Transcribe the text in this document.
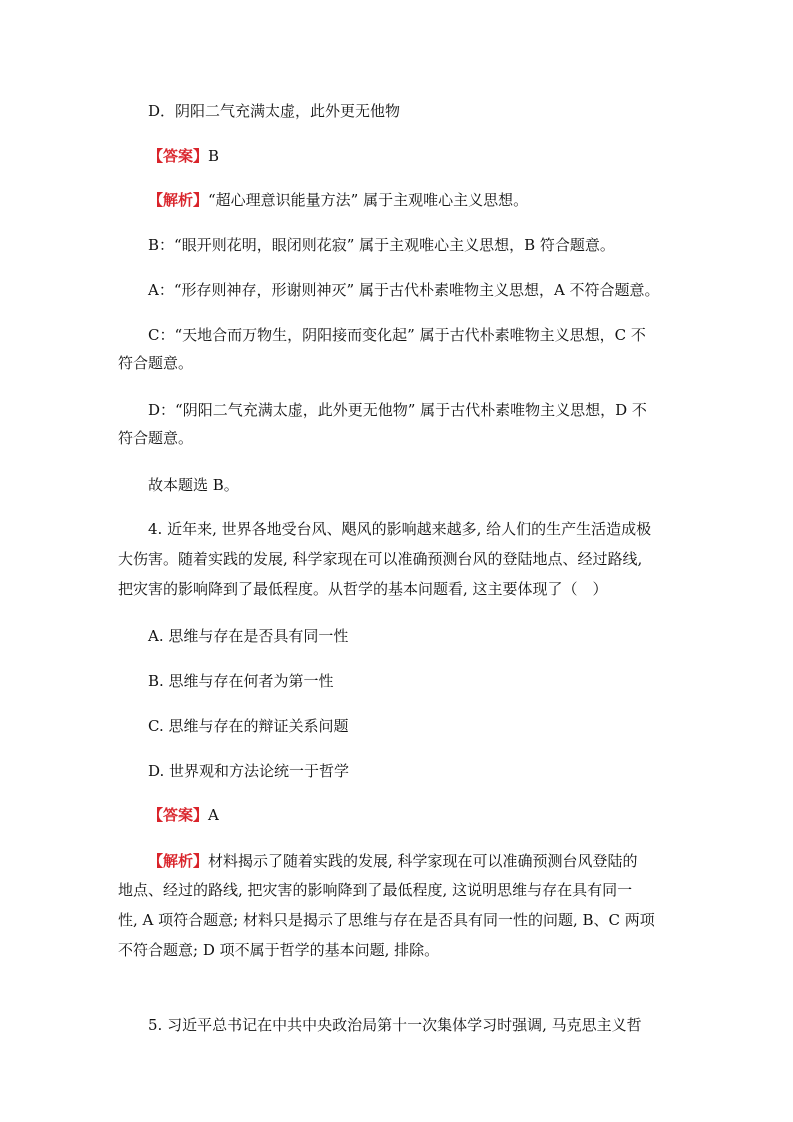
D．阴阳二气充满太虚，此外更无他物
【答案】B
【解析】“超心理意识能量方法” 属于主观唯心主义思想。
B：“眼开则花明，眼闭则花寂” 属于主观唯心主义思想，B 符合题意。
A：“形存则神存，形谢则神灭” 属于古代朴素唯物主义思想，A 不符合题意。
C：“天地合而万物生，阴阳接而变化起” 属于古代朴素唯物主义思想，C 不
符合题意。
D：“阴阳二气充满太虚，此外更无他物” 属于古代朴素唯物主义思想，D 不
符合题意。
故本题选 B。
4. 近年来, 世界各地受台风、飓风的影响越来越多, 给人们的生产生活造成极
大伤害。随着实践的发展, 科学家现在可以准确预测台风的登陆地点、经过路线,
把灾害的影响降到了最低程度。从哲学的基本问题看, 这主要体现了（　）
A. 思维与存在是否具有同一性
B. 思维与存在何者为第一性
C. 思维与存在的辩证关系问题
D. 世界观和方法论统一于哲学
【答案】A
【解析】材料揭示了随着实践的发展, 科学家现在可以准确预测台风登陆的
地点、经过的路线, 把灾害的影响降到了最低程度, 这说明思维与存在具有同一
性, A 项符合题意; 材料只是揭示了思维与存在是否具有同一性的问题, B、C 两项
不符合题意; D 项不属于哲学的基本问题, 排除。
5. 习近平总书记在中共中央政治局第十一次集体学习时强调, 马克思主义哲
